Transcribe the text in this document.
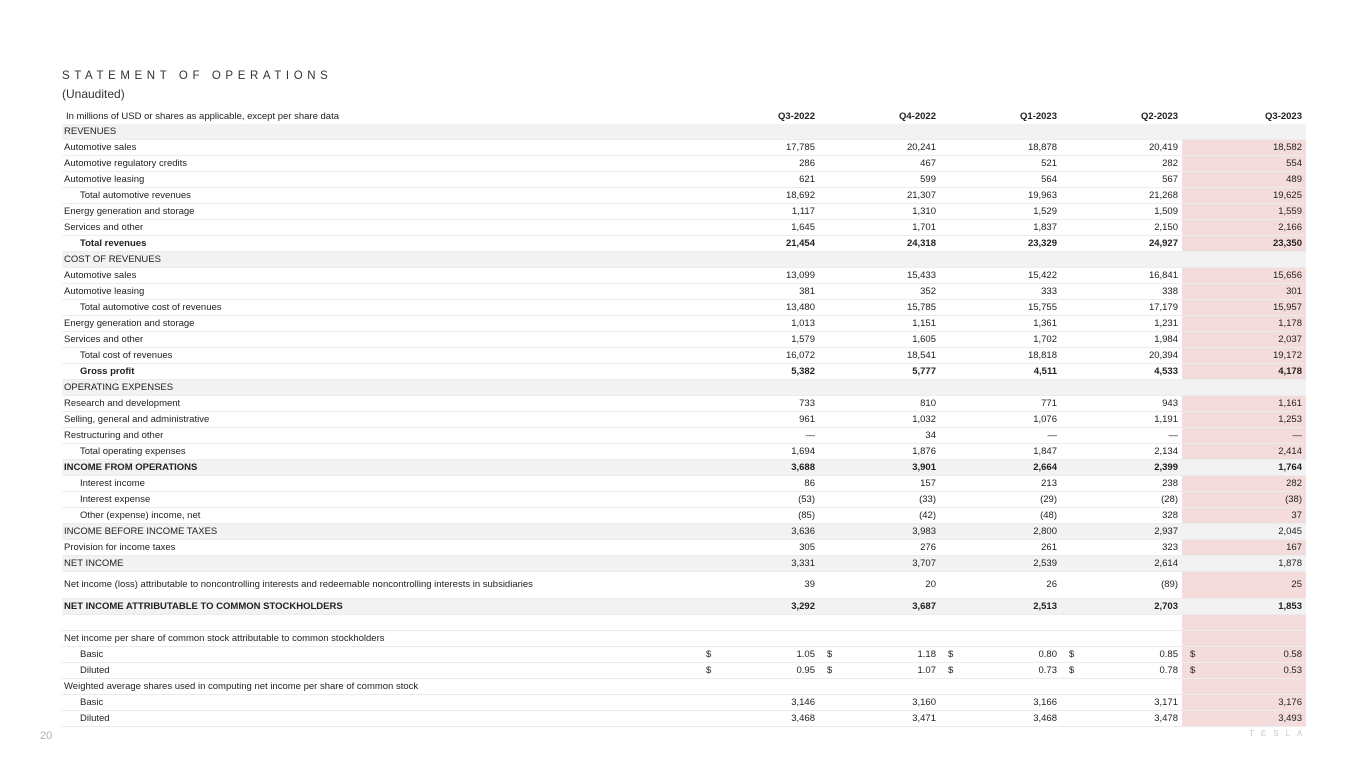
STATEMENT OF OPERATIONS
(Unaudited)
In millions of USD or shares as applicable, except per share data	Q3-2022	Q4-2022	Q1-2023	Q2-2023	Q3-2023
REVENUES					
Automotive sales	17,785	20,241	18,878	20,419	18,582
Automotive regulatory credits	286	467	521	282	554
Automotive leasing	621	599	564	567	489
Total automotive revenues	18,692	21,307	19,963	21,268	19,625
Energy generation and storage	1,117	1,310	1,529	1,509	1,559
Services and other	1,645	1,701	1,837	2,150	2,166
Total revenues	21,454	24,318	23,329	24,927	23,350
COST OF REVENUES					
Automotive sales	13,099	15,433	15,422	16,841	15,656
Automotive leasing	381	352	333	338	301
Total automotive cost of revenues	13,480	15,785	15,755	17,179	15,957
Energy generation and storage	1,013	1,151	1,361	1,231	1,178
Services and other	1,579	1,605	1,702	1,984	2,037
Total cost of revenues	16,072	18,541	18,818	20,394	19,172
Gross profit	5,382	5,777	4,511	4,533	4,178
OPERATING EXPENSES					
Research and development	733	810	771	943	1,161
Selling, general and administrative	961	1,032	1,076	1,191	1,253
Restructuring and other	—	34	—	—	—
Total operating expenses	1,694	1,876	1,847	2,134	2,414
INCOME FROM OPERATIONS	3,688	3,901	2,664	2,399	1,764
Interest income	86	157	213	238	282
Interest expense	(53)	(33)	(29)	(28)	(38)
Other (expense) income, net	(85)	(42)	(48)	328	37
INCOME BEFORE INCOME TAXES	3,636	3,983	2,800	2,937	2,045
Provision for income taxes	305	276	261	323	167
NET INCOME	3,331	3,707	2,539	2,614	1,878
Net income (loss) attributable to noncontrolling interests and redeemable noncontrolling interests in subsidiaries	39	20	26	(89)	25
NET INCOME ATTRIBUTABLE TO COMMON STOCKHOLDERS	3,292	3,687	2,513	2,703	1,853

Net income per share of common stock attributable to common stockholders					
Basic	$ 1.05	$ 1.18	$ 0.80	$ 0.85	$ 0.58
Diluted	$ 0.95	$ 1.07	$ 0.73	$ 0.78	$ 0.53
Weighted average shares used in computing net income per share of common stock					
Basic	3,146	3,160	3,166	3,171	3,176
Diluted	3,468	3,471	3,468	3,478	3,493
20	TESLA
